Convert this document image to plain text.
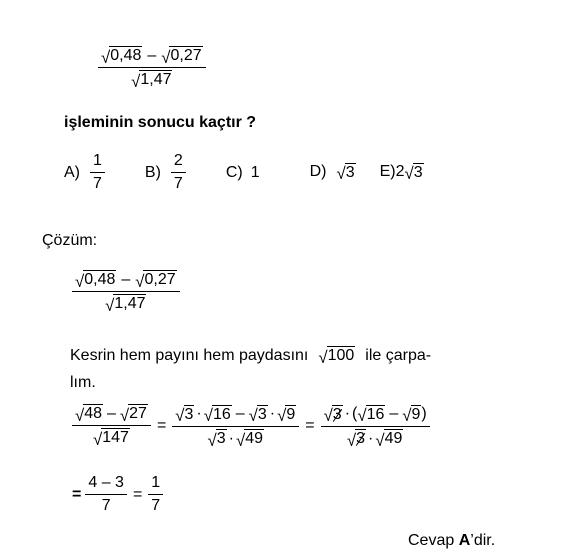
$\frac{√ 0,48 - √ 0,27}{√ 1,47}$
işleminin sonucu kaçtır ?
$A) \frac{1}{7}$	$B) \frac{2}{7}$	C) 1	D) √ 3 E) 2 √ 3
Çözüm:
$\frac{√ 0,48 - √ 0,27}{√ 1,47}$
Kesrin hem payını hem paydasını √ 100 ile çarpa-
lım.
$\frac{√ 48 - √ 27}{√ 147} = \frac{√ 3 \cdot √ 16 - √ 3 \cdot √ 9}{√ 3 \cdot √ 49} = \frac{√ 3 \cdot ( √ 16 - √ 9 )}{√ 3 \cdot √ 49}$
= $\frac{4 - 3}{7} = \frac{1}{7}$
Cevap A’dir.
